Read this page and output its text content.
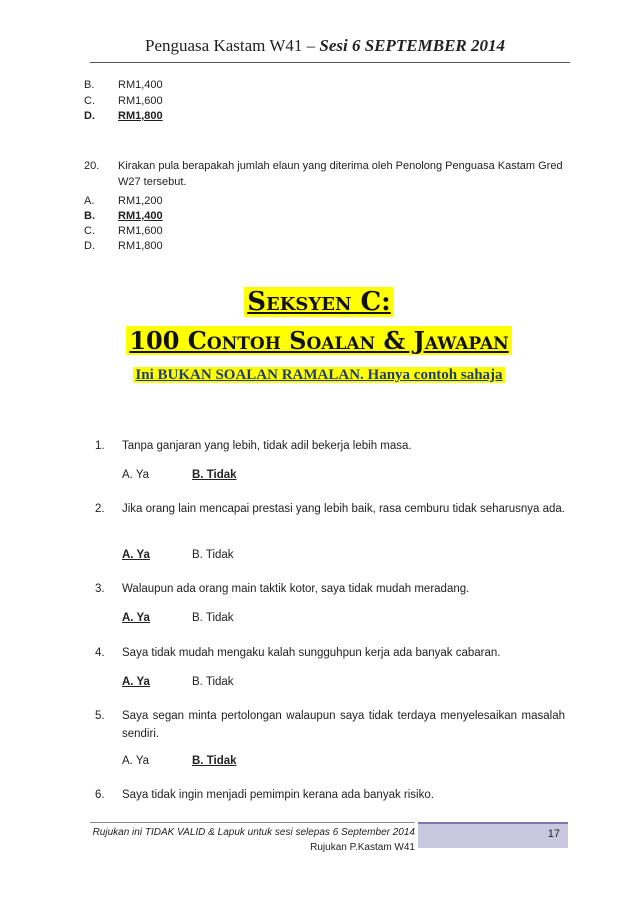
Penguasa Kastam W41 – Sesi 6 SEPTEMBER 2014
B. RM1,400
C. RM1,600
D. RM1,800
20. Kirakan pula berapakah jumlah elaun yang diterima oleh Penolong Penguasa Kastam Gred W27 tersebut.
A. RM1,200
B. RM1,400
C. RM1,600
D. RM1,800
Seksyen C:
100 Contoh Soalan & Jawapan
Ini BUKAN SOALAN RAMALAN. Hanya contoh sahaja
1. Tanpa ganjaran yang lebih, tidak adil bekerja lebih masa.
A. Ya	B. Tidak
2. Jika orang lain mencapai prestasi yang lebih baik, rasa cemburu tidak seharusnya ada.
A. Ya	B. Tidak
3. Walaupun ada orang main taktik kotor, saya tidak mudah meradang.
A. Ya	B. Tidak
4. Saya tidak mudah mengaku kalah sungguhpun kerja ada banyak cabaran.
A. Ya	B. Tidak
5. Saya segan minta pertolongan walaupun saya tidak terdaya menyelesaikan masalah sendiri.
A. Ya	B. Tidak
6. Saya tidak ingin menjadi pemimpin kerana ada banyak risiko.
Rujukan ini TIDAK VALID & Lapuk untuk sesi selepas 6 September 2014
Rujukan P.Kastam W41
17
